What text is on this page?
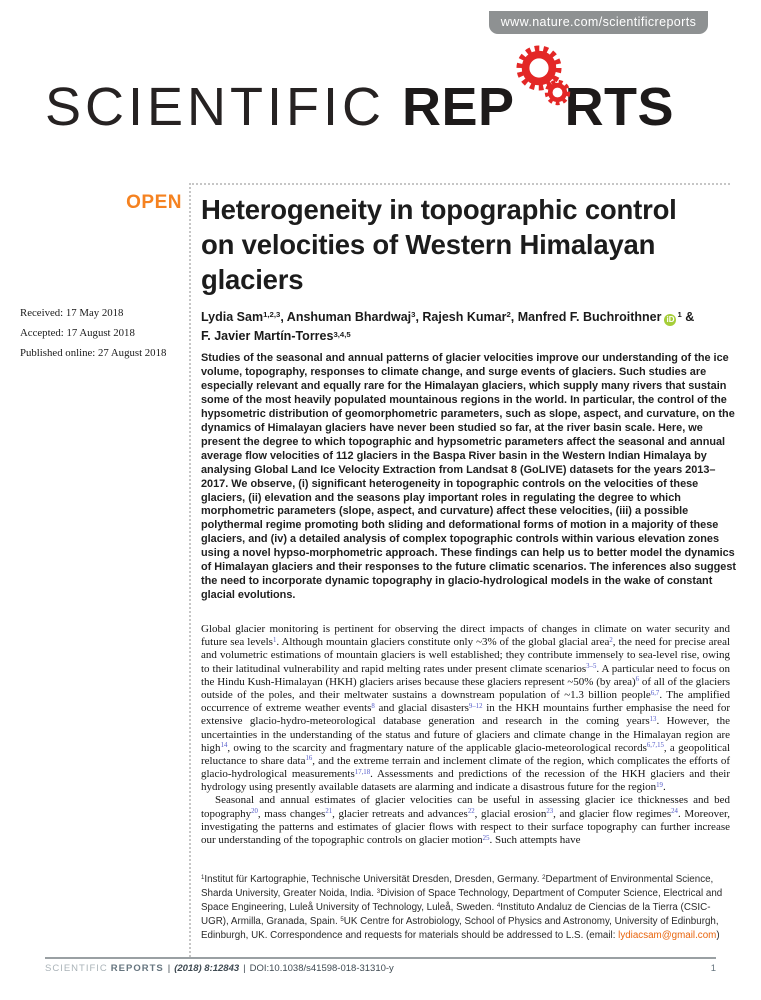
www.nature.com/scientificreports
SCIENTIFIC REP RTS
OPEN
Received: 17 May 2018
Accepted: 17 August 2018
Published online: 27 August 2018
Heterogeneity in topographic control on velocities of Western Himalayan glaciers
Lydia Sam$^{1,2,3}$, Anshuman Bhardwaj$^3$, Rajesh Kumar$^2$, Manfred F. Buchroithner $iD^1$ &
F. Javier Martín-Torres$^{3,4,5}$
Studies of the seasonal and annual patterns of glacier velocities improve our understanding of the ice volume, topography, responses to climate change, and surge events of glaciers. Such studies are especially relevant and equally rare for the Himalayan glaciers, which supply many rivers that sustain some of the most heavily populated mountainous regions in the world. In particular, the control of the hypsometric distribution of geomorphometric parameters, such as slope, aspect, and curvature, on the dynamics of Himalayan glaciers have never been studied so far, at the river basin scale. Here, we present the degree to which topographic and hypsometric parameters affect the seasonal and annual average flow velocities of 112 glaciers in the Baspa River basin in the Western Indian Himalaya by analysing Global Land Ice Velocity Extraction from Landsat 8 (GoLIVE) datasets for the years 2013–2017. We observe, (i) significant heterogeneity in topographic controls on the velocities of these glaciers, (ii) elevation and the seasons play important roles in regulating the degree to which morphometric parameters (slope, aspect, and curvature) affect these velocities, (iii) a possible polythermal regime promoting both sliding and deformational forms of motion in a majority of these glaciers, and (iv) a detailed analysis of complex topographic controls within various elevation zones using a novel hypso-morphometric approach. These findings can help us to better model the dynamics of Himalayan glaciers and their responses to the future climatic scenarios. The inferences also suggest the need to incorporate dynamic topography in glacio-hydrological models in the wake of constant glacial evolutions.

Global glacier monitoring is pertinent for observing the direct impacts of changes in climate on water security and future sea levels$^1$. Although mountain glaciers constitute only ~3% of the global glacial area$^2$, the need for precise areal and volumetric estimations of mountain glaciers is well established; they contribute immensely to sea-level rise, owing to their latitudinal vulnerability and rapid melting rates under present climate scenarios$^{3-5}$. A particular need to focus on the Hindu Kush-Himalayan (HKH) glaciers arises because these glaciers represent ~50% (by area)$^6$ of all of the glaciers outside of the poles, and their meltwater sustains a downstream population of ~1.3 billion people$^{6,7}$. The amplified occurrence of extreme weather events$^8$ and glacial disasters$^{9-12}$ in the HKH mountains further emphasise the need for extensive glacio-hydro-meteorological database generation and research in the coming years$^{13}$. However, the uncertainties in the understanding of the status and future of glaciers and climate change in the Himalayan region are high$^{14}$, owing to the scarcity and fragmentary nature of the applicable glacio-meteorological records$^{6,7,15}$, a geopolitical reluctance to share data$^{16}$, and the extreme terrain and inclement climate of the region, which complicates the efforts of glacio-hydrological measurements$^{17,18}$. Assessments and predictions of the recession of the HKH glaciers and their hydrology using presently available datasets are alarming and indicate a disastrous future for the region$^{19}$.

Seasonal and annual estimates of glacier velocities can be useful in assessing glacier ice thicknesses and bed topography$^{20}$, mass changes$^{21}$, glacier retreats and advances$^{22}$, glacial erosion$^{23}$, and glacier flow regimes$^{24}$. Moreover, investigating the patterns and estimates of glacier flows with respect to their surface topography can further increase our understanding of the topographic controls on glacier motion$^{25}$. Such attempts have

$^1$Institut für Kartographie, Technische Universität Dresden, Dresden, Germany. $^2$Department of Environmental Science, Sharda University, Greater Noida, India. $^3$Division of Space Technology, Department of Computer Science, Electrical and Space Engineering, Luleå University of Technology, Luleå, Sweden. $^4$Instituto Andaluz de Ciencias de la Tierra (CSIC-UGR), Armilla, Granada, Spain. $^5$UK Centre for Astrobiology, School of Physics and Astronomy, University of Edinburgh, Edinburgh, UK. Correspondence and requests for materials should be addressed to L.S. (email: lydiacsam@gmail.com)
SCIENTIFIC REPORTS | (2018) 8:12843 | DOI:10.1038/s41598-018-31310-y	1
